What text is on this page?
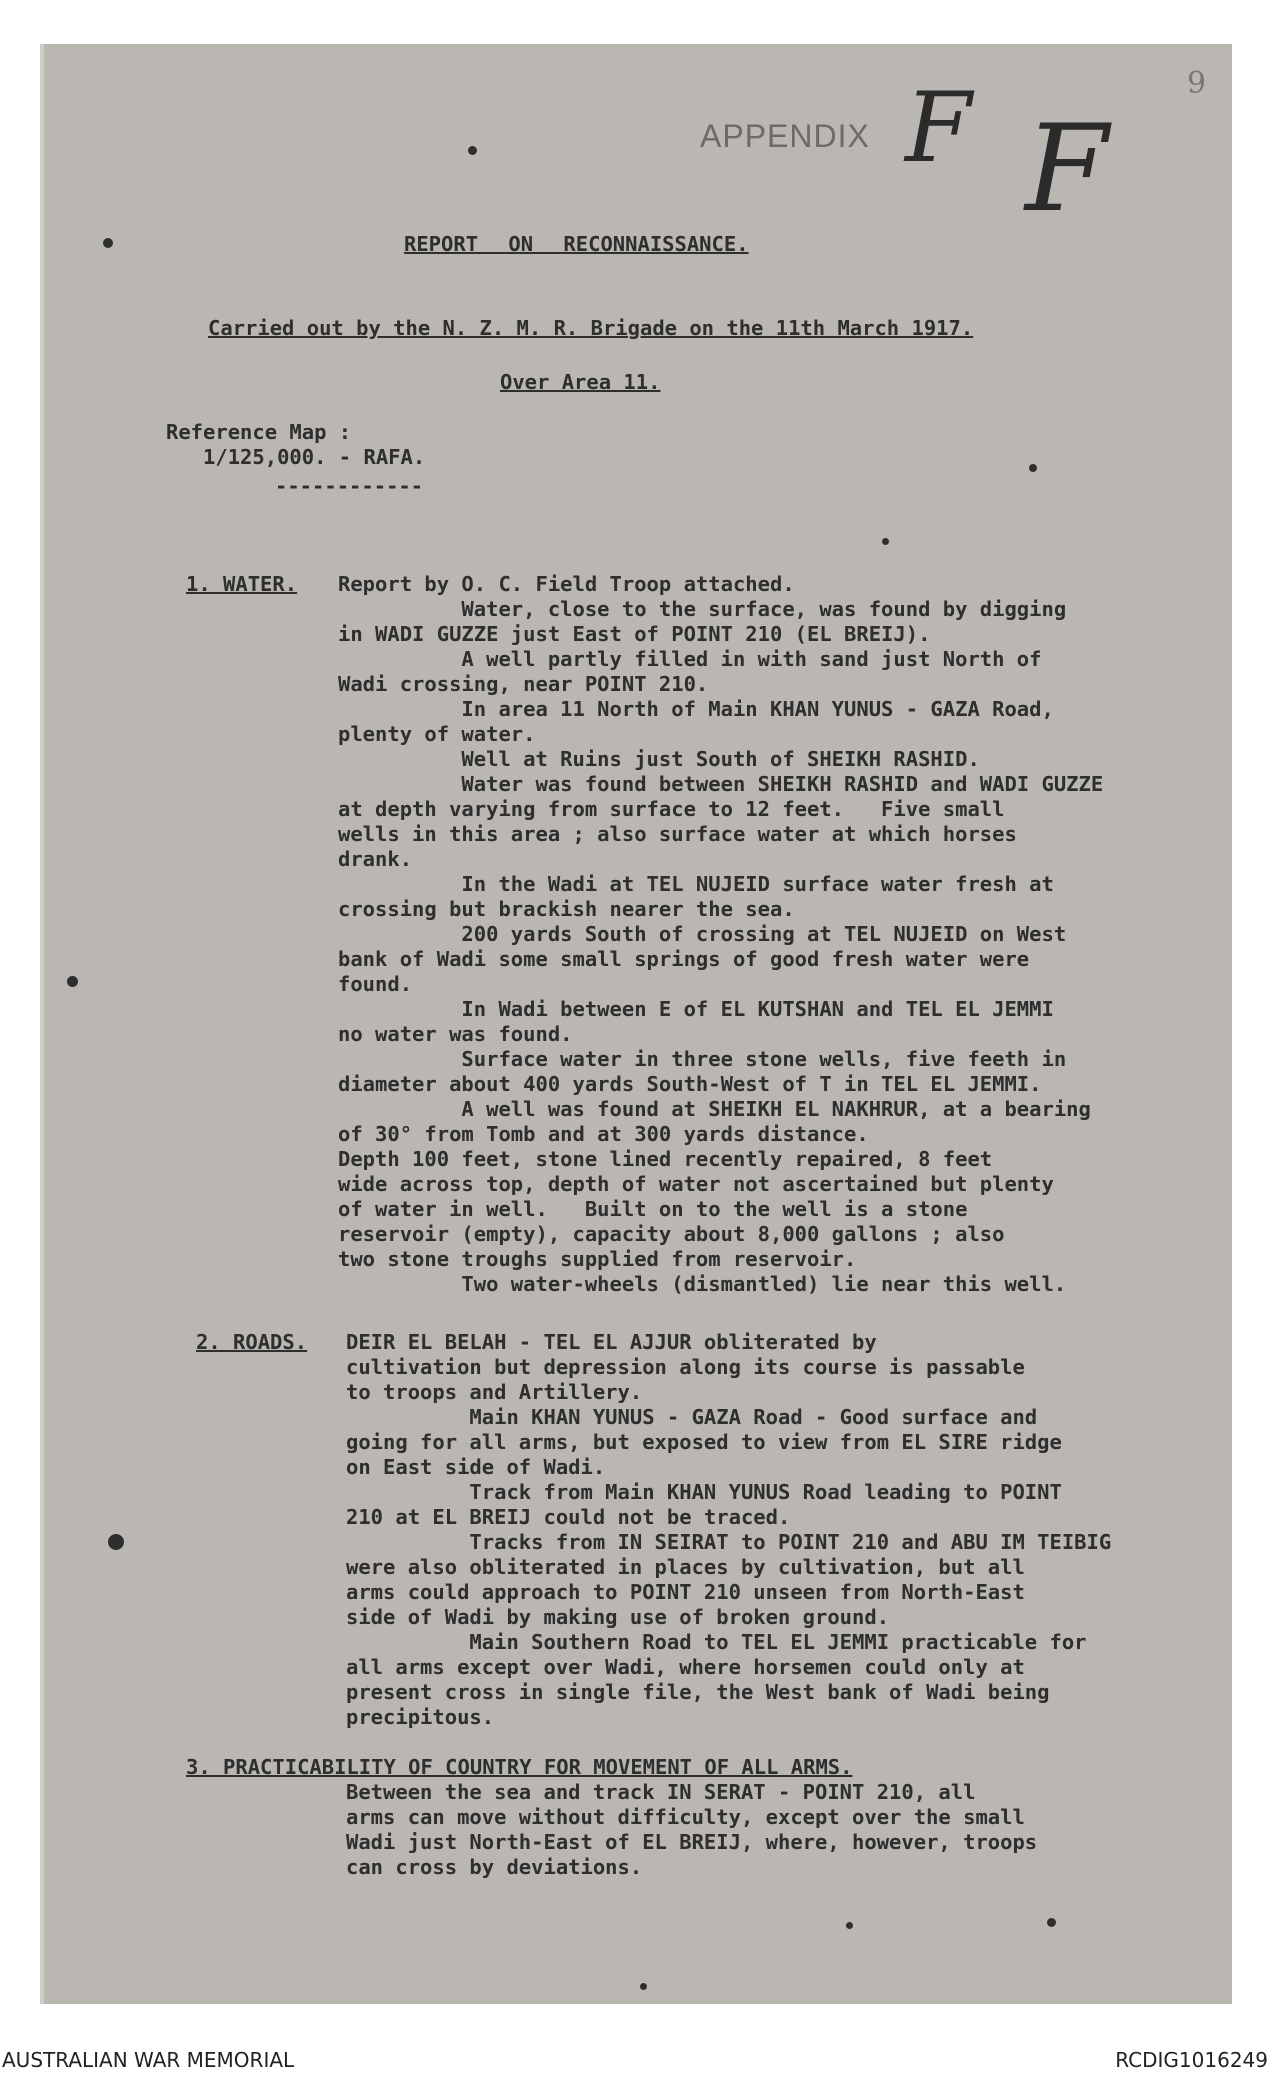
9
APPENDIX F F
REPORT ON RECONNAISSANCE.
Carried out by the N. Z. M. R. Brigade on the 11th March 1917.
Over Area 11.
Reference Map :
1/125,000. - RAFA.
------------
1. WATER. Report by O. C. Field Troop attached.
Water, close to the surface, was found by digging
in WADI GUZZE just East of POINT 210 (EL BREIJ).
A well partly filled in with sand just North of
Wadi crossing, near POINT 210.
In area 11 North of Main KHAN YUNUS - GAZA Road,
plenty of water.
Well at Ruins just South of SHEIKH RASHID.
Water was found between SHEIKH RASHID and WADI GUZZE
at depth varying from surface to 12 feet.   Five small
wells in this area ; also surface water at which horses
drank.
In the Wadi at TEL NUJEID surface water fresh at
crossing but brackish nearer the sea.
200 yards South of crossing at TEL NUJEID on West
bank of Wadi some small springs of good fresh water were
found.
In Wadi between E of EL KUTSHAN and TEL EL JEMMI
no water was found.
Surface water in three stone wells, five feeth in
diameter about 400 yards South-West of T in TEL EL JEMMI.
A well was found at SHEIKH EL NAKHRUR, at a bearing
of 30° from Tomb and at 300 yards distance.
Depth 100 feet, stone lined recently repaired, 8 feet
wide across top, depth of water not ascertained but plenty
of water in well.   Built on to the well is a stone
reservoir (empty), capacity about 8,000 gallons ; also
two stone troughs supplied from reservoir.
Two water-wheels (dismantled) lie near this well.
2. ROADS. DEIR EL BELAH - TEL EL AJJUR obliterated by
cultivation but depression along its course is passable
to troops and Artillery.
Main KHAN YUNUS - GAZA Road - Good surface and
going for all arms, but exposed to view from EL SIRE ridge
on East side of Wadi.
Track from Main KHAN YUNUS Road leading to POINT
210 at EL BREIJ could not be traced.
Tracks from IN SEIRAT to POINT 210 and ABU IM TEIBIG
were also obliterated in places by cultivation, but all
arms could approach to POINT 210 unseen from North-East
side of Wadi by making use of broken ground.
Main Southern Road to TEL EL JEMMI practicable for
all arms except over Wadi, where horsemen could only at
present cross in single file, the West bank of Wadi being
precipitous.
3. PRACTICABILITY OF COUNTRY FOR MOVEMENT OF ALL ARMS.
Between the sea and track IN SERAT - POINT 210, all
arms can move without difficulty, except over the small
Wadi just North-East of EL BREIJ, where, however, troops
can cross by deviations.
AUSTRALIAN WAR MEMORIAL	RCDIG1016249
